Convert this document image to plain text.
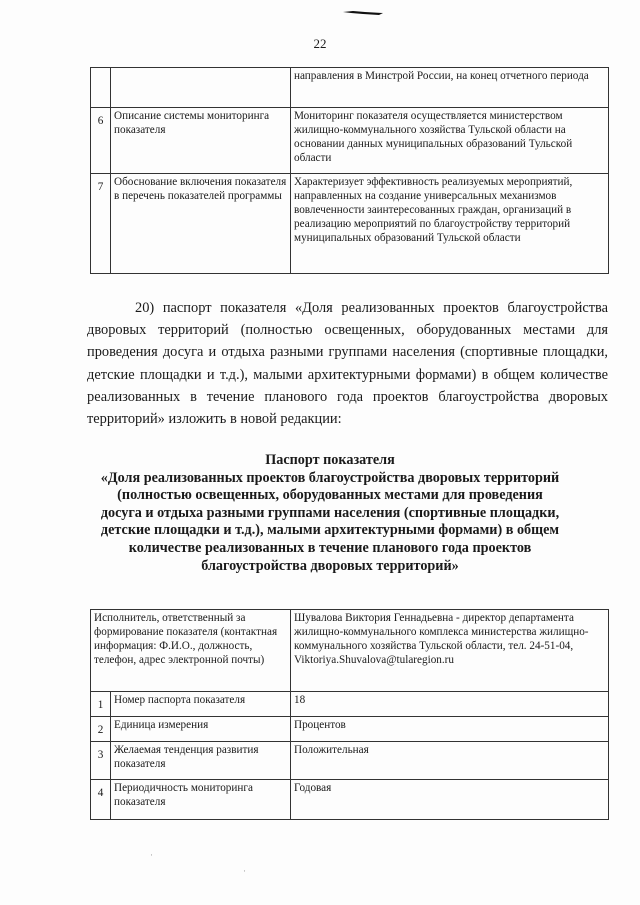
22
		направления в Минстрой России, на конец отчетного периода
6	Описание системы мониторинга показателя	Мониторинг показателя осуществляется министерством жилищно-коммунального хозяйства Тульской области на основании данных муниципальных образований Тульской области
7	Обоснование включения показателя в перечень показателей программы	Характеризует эффективность реализуемых мероприятий, направленных на создание универсальных механизмов вовлеченности заинтересованных граждан, организаций в реализацию мероприятий по благоустройству территорий муниципальных образований Тульской области
20) паспорт показателя «Доля реализованных проектов благоустройства дворовых территорий (полностью освещенных, оборудованных местами для проведения досуга и отдыха разными группами населения (спортивные площадки, детские площадки и т.д.), малыми архитектурными формами) в общем количестве реализованных в течение планового года проектов благоустройства дворовых территорий» изложить в новой редакции:
Паспорт показателя
«Доля реализованных проектов благоустройства дворовых территорий (полностью освещенных, оборудованных местами для проведения досуга и отдыха разными группами населения (спортивные площадки, детские площадки и т.д.), малыми архитектурными формами) в общем количестве реализованных в течение планового года проектов благоустройства дворовых территорий»
Исполнитель, ответственный за формирование показателя (контактная информация: Ф.И.О., должность, телефон, адрес электронной почты)		Шувалова Виктория Геннадьевна - директор департамента жилищно-коммунального комплекса министерства жилищно-коммунального хозяйства Тульской области, тел. 24-51-04, Viktoriya.Shuvalova@tularegion.ru
1	Номер паспорта показателя	18
2	Единица измерения	Процентов
3	Желаемая тенденция развития показателя	Положительная
4	Периодичность мониторинга показателя	Годовая
·
·
